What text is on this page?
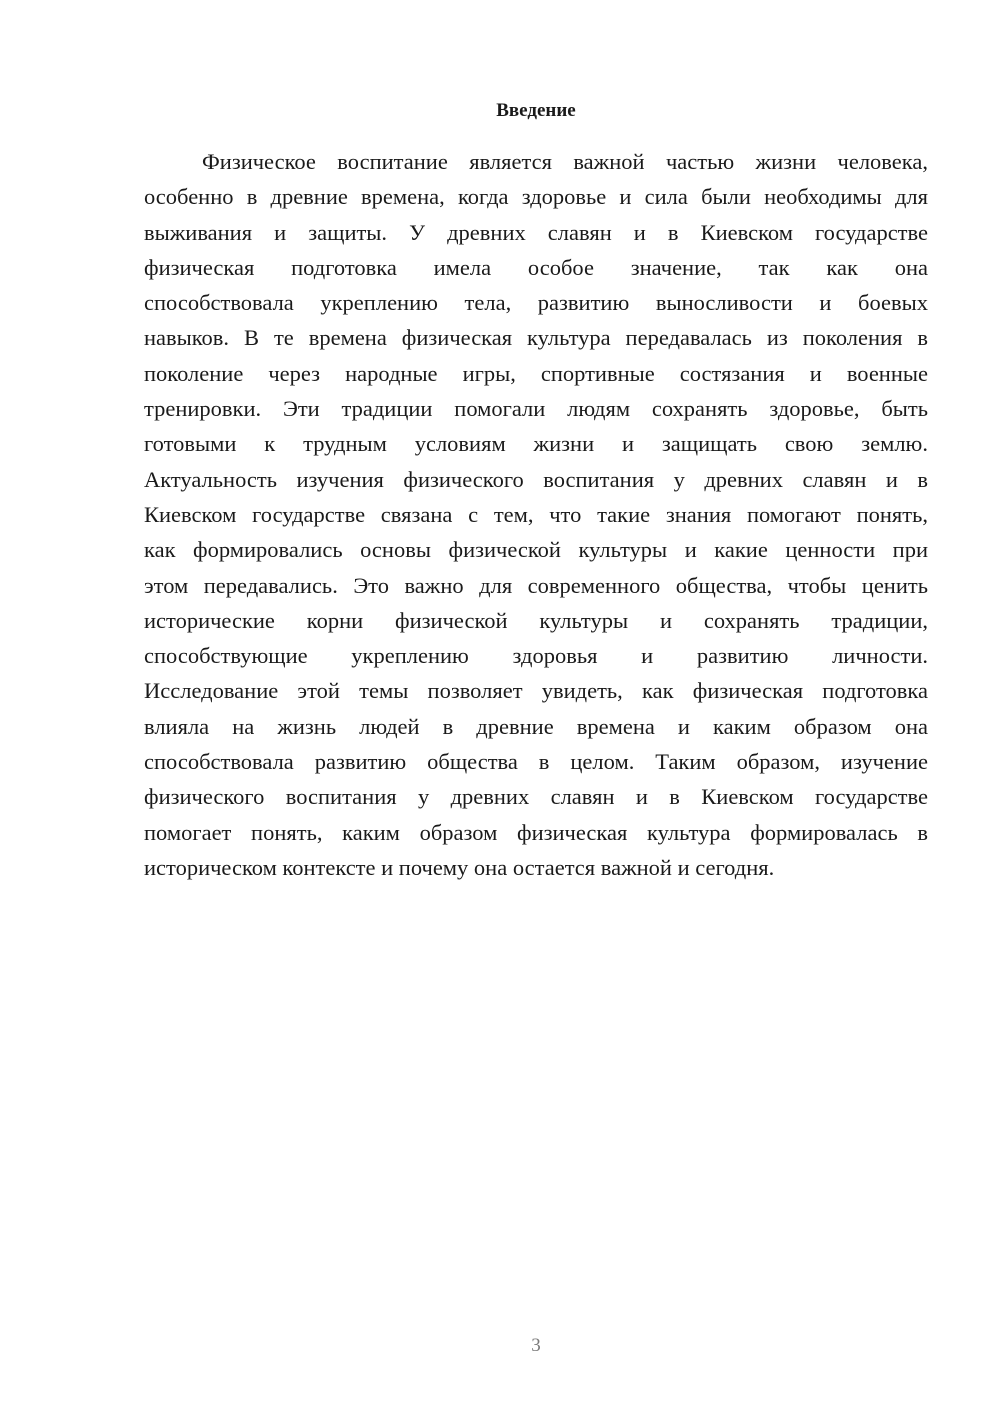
Введение
Физическое воспитание является важной частью жизни человека,
особенно в древние времена, когда здоровье и сила были необходимы для
выживания и защиты. У древних славян и в Киевском государстве
физическая подготовка имела особое значение, так как она
способствовала укреплению тела, развитию выносливости и боевых
навыков. В те времена физическая культура передавалась из поколения в
поколение через народные игры, спортивные состязания и военные
тренировки. Эти традиции помогали людям сохранять здоровье, быть
готовыми к трудным условиям жизни и защищать свою землю.
Актуальность изучения физического воспитания у древних славян и в
Киевском государстве связана с тем, что такие знания помогают понять,
как формировались основы физической культуры и какие ценности при
этом передавались. Это важно для современного общества, чтобы ценить
исторические корни физической культуры и сохранять традиции,
способствующие укреплению здоровья и развитию личности.
Исследование этой темы позволяет увидеть, как физическая подготовка
влияла на жизнь людей в древние времена и каким образом она
способствовала развитию общества в целом. Таким образом, изучение
физического воспитания у древних славян и в Киевском государстве
помогает понять, каким образом физическая культура формировалась в
историческом контексте и почему она остается важной и сегодня.
3
